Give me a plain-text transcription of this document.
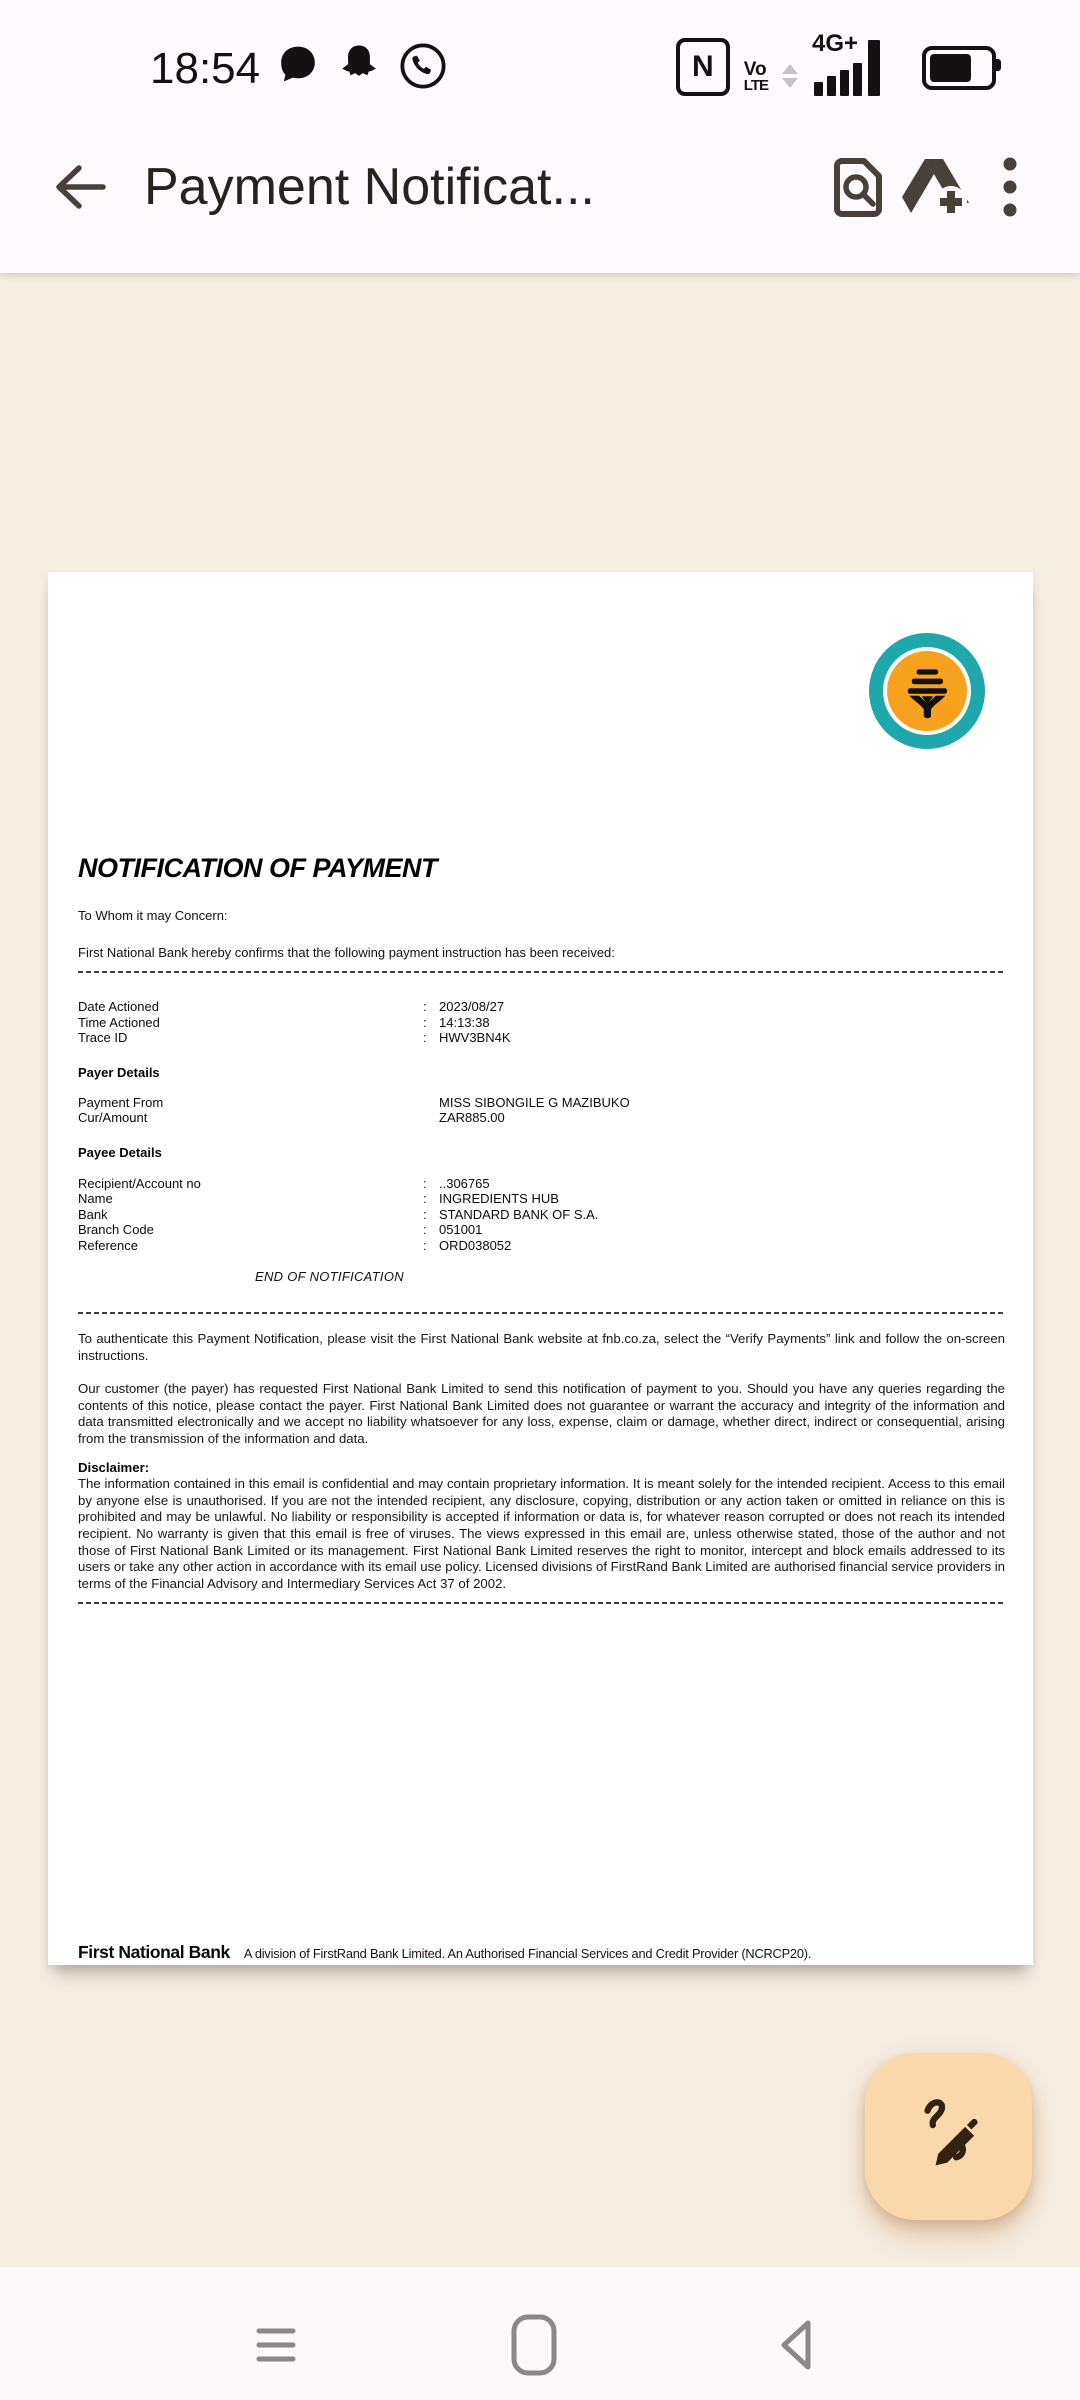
18:54	N	Vo
LTE
4G+
Payment Notificat...
NOTIFICATION OF PAYMENT
To Whom it may Concern:
First National Bank hereby confirms that the following payment instruction has been received:
Date Actioned	: 2023/08/27
Time Actioned	: 14:13:38
Trace ID	: HWV3BN4K
Payer Details
Payment From	MISS SIBONGILE G MAZIBUKO
Cur/Amount	ZAR885.00
Payee Details
Recipient/Account no	: ..306765
Name	: INGREDIENTS HUB
Bank	: STANDARD BANK OF S.A.
Branch Code	: 051001
Reference	: ORD038052
END OF NOTIFICATION
To authenticate this Payment Notification, please visit the First National Bank website at fnb.co.za, select the “Verify Payments” link and follow the on-screen instructions.
Our customer (the payer) has requested First National Bank Limited to send this notification of payment to you. Should you have any queries regarding the contents of this notice, please contact the payer. First National Bank Limited does not guarantee or warrant the accuracy and integrity of the information and data transmitted electronically and we accept no liability whatsoever for any loss, expense, claim or damage, whether direct, indirect or consequential, arising from the transmission of the information and data.
Disclaimer:
The information contained in this email is confidential and may contain proprietary information. It is meant solely for the intended recipient. Access to this email by anyone else is unauthorised. If you are not the intended recipient, any disclosure, copying, distribution or any action taken or omitted in reliance on this is prohibited and may be unlawful. No liability or responsibility is accepted if information or data is, for whatever reason corrupted or does not reach its intended recipient. No warranty is given that this email is free of viruses. The views expressed in this email are, unless otherwise stated, those of the author and not those of First National Bank Limited or its management. First National Bank Limited reserves the right to monitor, intercept and block emails addressed to its users or take any other action in accordance with its email use policy. Licensed divisions of FirstRand Bank Limited are authorised financial service providers in terms of the Financial Advisory and Intermediary Services Act 37 of 2002.
First National Bank A division of FirstRand Bank Limited. An Authorised Financial Services and Credit Provider (NCRCP20).
